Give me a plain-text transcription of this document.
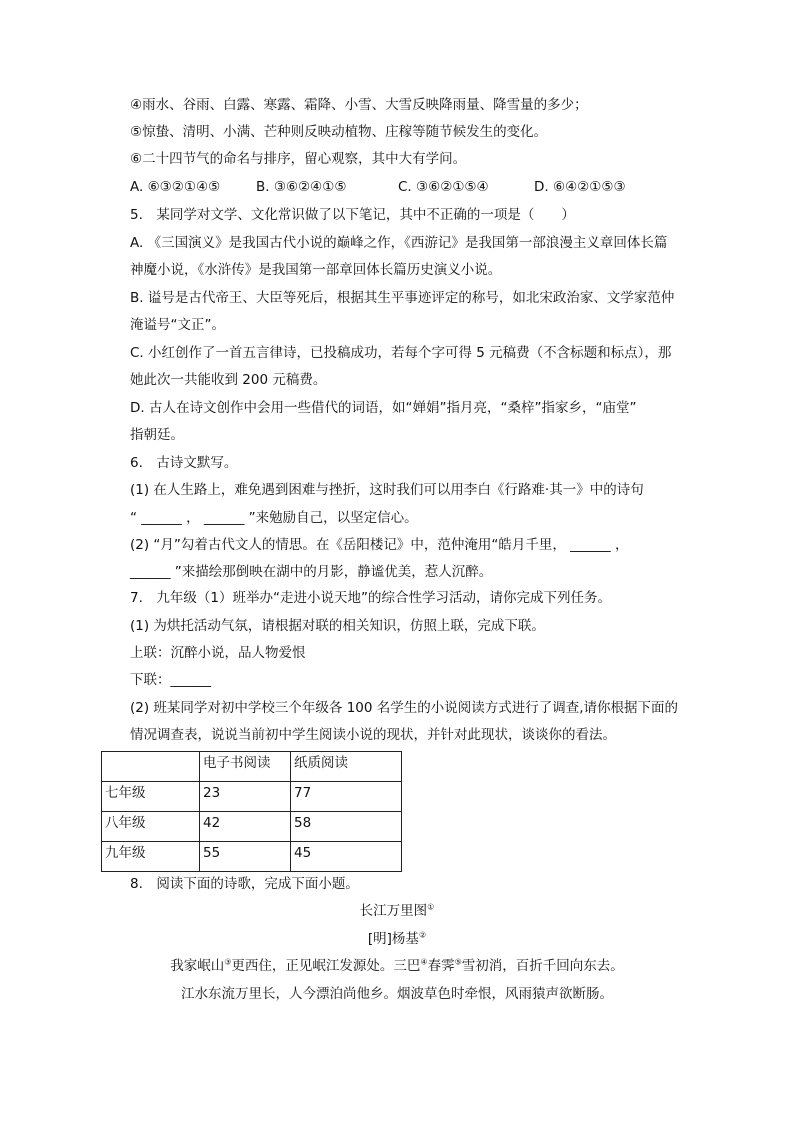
④雨水、谷雨、白露、寒露、霜降、小雪、大雪反映降雨量、降雪量的多少；
⑤惊蛰、清明、小满、芒种则反映动植物、庄稼等随节候发生的变化。
⑥二十四节气的命名与排序，留心观察，其中大有学问。
A. ⑥③②①④⑤	B. ③⑥②④①⑤	C. ③⑥②①⑤④	D. ⑥④②①⑤③
5.　某同学对文学、文化常识做了以下笔记，其中不正确的一项是（　　）
A. 《三国演义》是我国古代小说的巅峰之作，《西游记》是我国第一部浪漫主义章回体长篇
神魔小说，《水浒传》是我国第一部章回体长篇历史演义小说。
B. 谥号是古代帝王、大臣等死后，根据其生平事迹评定的称号，如北宋政治家、文学家范仲
淹谥号“文正”。
C. 小红创作了一首五言律诗，已投稿成功，若每个字可得 5 元稿费（不含标题和标点），那
她此次一共能收到 200 元稿费。
D. 古人在诗文创作中会用一些借代的词语，如“婵娟”指月亮，“桑梓”指家乡，“庙堂”
指朝廷。
6.　古诗文默写。
(1) 在人生路上，难免遇到困难与挫折，这时我们可以用李白《行路难·其一》中的诗句
“ ______ ， ______ ”来勉励自己，以坚定信心。
(2) “月”勾着古代文人的情思。在《岳阳楼记》中，范仲淹用“皓月千里， ______ ，
______ ”来描绘那倒映在湖中的月影，静谧优美，惹人沉醉。
7.　九年级（1）班举办“走进小说天地”的综合性学习活动，请你完成下列任务。
(1) 为烘托活动气氛，请根据对联的相关知识，仿照上联，完成下联。
上联：沉醉小说，品人物爱恨
下联：______
(2) 班某同学对初中学校三个年级各 100 名学生的小说阅读方式进行了调查,请你根据下面的
情况调查表，说说当前初中学生阅读小说的现状，并针对此现状，谈谈你的看法。
	电子书阅读	纸质阅读
七年级	23	77
八年级	42	58
九年级	55	45
8.　阅读下面的诗歌，完成下面小题。
长江万里图①
[明]杨基②
我家岷山③更西住，正见岷江发源处。三巴④春霁⑤雪初消，百折千回向东去。
江水东流万里长，人今漂泊尚他乡。烟波草色时牵恨，风雨猿声欲断肠。
